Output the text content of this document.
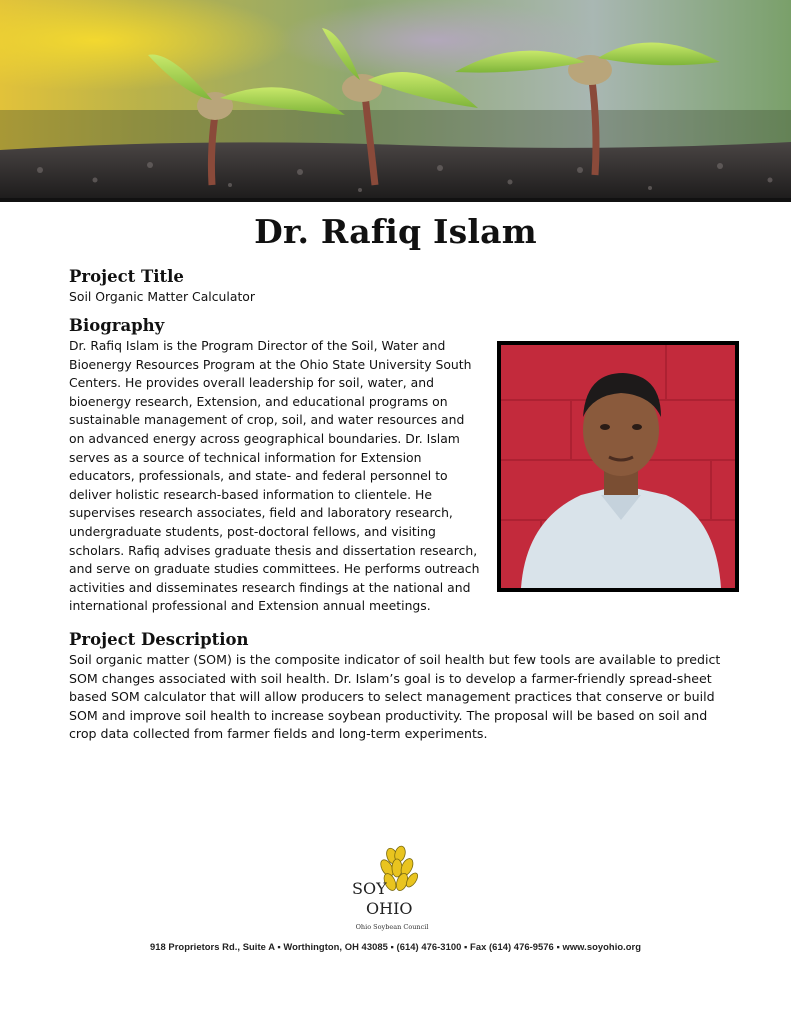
Dr. Rafiq Islam
Project Title
Soil Organic Matter Calculator
Biography
Dr. Rafiq Islam is the Program Director of the Soil, Water and
Bioenergy Resources Program at the Ohio State University South
Centers. He provides overall leadership for soil, water, and
bioenergy research, Extension, and educational programs on
sustainable management of crop, soil, and water resources and
on advanced energy across geographical boundaries. Dr. Islam
serves as a source of technical information for Extension
educators, professionals, and state- and federal personnel to
deliver holistic research-based information to clientele. He
supervises research associates, field and laboratory research,
undergraduate students, post-doctoral fellows, and visiting
scholars. Rafiq advises graduate thesis and dissertation research,
and serve on graduate studies committees. He performs outreach
activities and disseminates research findings at the national and
international professional and Extension annual meetings.
Project Description
Soil organic matter (SOM) is the composite indicator of soil health but few tools are available to predict
SOM changes associated with soil health. Dr. Islam’s goal is to develop a farmer-friendly spread-sheet
based SOM calculator that will allow producers to select management practices that conserve or build
SOM and improve soil health to increase soybean productivity. The proposal will be based on soil and
crop data collected from farmer fields and long-term experiments.
SOY
OHIO
Ohio Soybean Council
918 Proprietors Rd., Suite A ▪ Worthington, OH 43085 ▪ (614) 476-3100 ▪ Fax (614) 476-9576 ▪ www.soyohio.org
